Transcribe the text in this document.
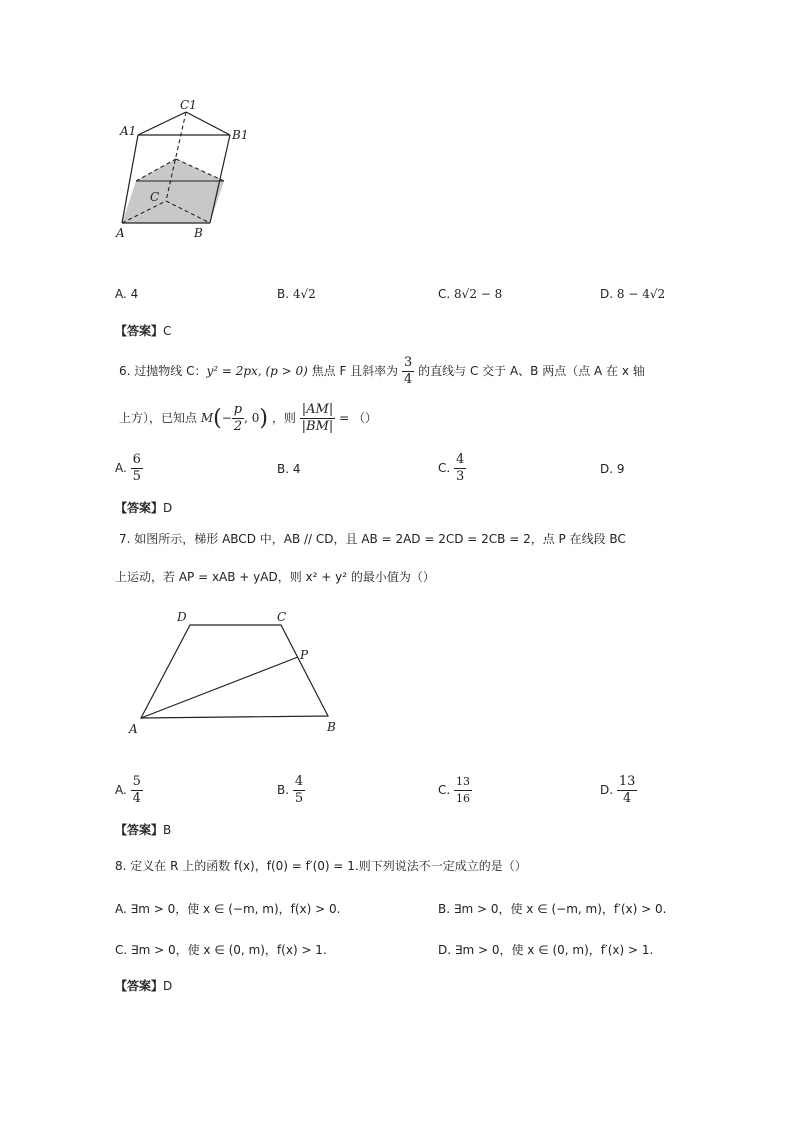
C1
A1	B1
C
A	B
A. 4	B. 4√2	C. 8√2 − 8	D. 8 − 4√2
【答案】C
6. 过抛物线 C：y² = 2px, (p > 0) 焦点 F 且斜率为 $\frac{3}{4}$ 的直线与 C 交于 A、B 两点（点 A 在 x 轴
上方），已知点 $M(- \frac{p}{2}$ , 0) ，则 $\frac{|AM|}{|BM|}$ = （）
A. $\frac{6}{5}$	B. 4	C. $\frac{4}{3}$	D. 9
【答案】D
7. 如图所示，梯形 ABCD 中，AB // CD，且 AB = 2AD = 2CD = 2CB = 2，点 P 在线段 BC
上运动，若 AP = xAB + yAD，则 x² + y² 的最小值为（）
D	C
P
A	B
A. $\frac{5}{4}$	B. $\frac{4}{5}$	C. $\frac{13}{16}$	D. $\frac{13}{4}$
【答案】B
8. 定义在 R 上的函数 f(x)，f(0) = f′(0) = 1.则下列说法不一定成立的是（）
A. ∃m > 0，使 x ∈ (−m, m)，f(x) > 0.	B. ∃m > 0，使 x ∈ (−m, m)，f′(x) > 0.
C. ∃m > 0，使 x ∈ (0, m)，f(x) > 1.	D. ∃m > 0，使 x ∈ (0, m)，f′(x) > 1.
【答案】D
